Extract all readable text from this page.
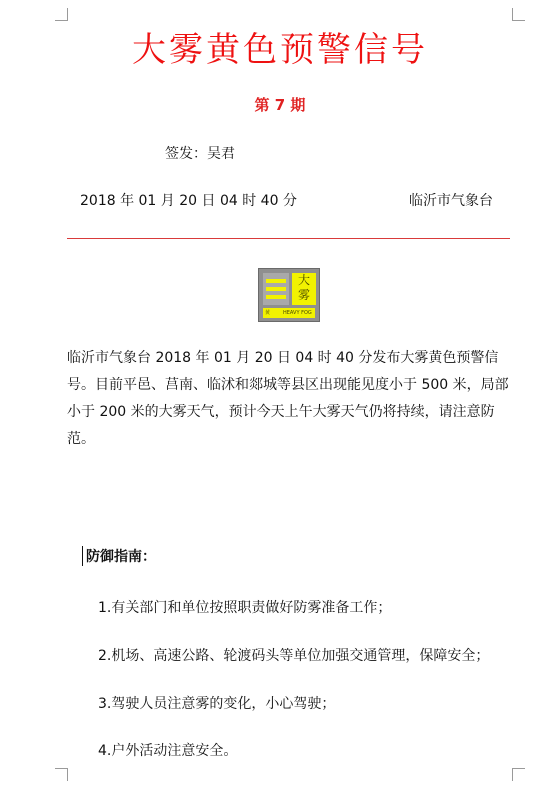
大雾黄色预警信号
第 7 期
签发：吴君
2018 年 01 月 20 日 04 时 40 分	临沂市气象台
大
雾
黄	HEAVY FOG

临沂市气象台 2018 年 01 月 20 日 04 时 40 分发布大雾黄色预警信号。目前平邑、莒南、临沭和郯城等县区出现能见度小于 500 米，局部小于 200 米的大雾天气，预计今天上午大雾天气仍将持续，请注意防范。

防御指南：
1.有关部门和单位按照职责做好防雾准备工作；
2.机场、高速公路、轮渡码头等单位加强交通管理，保障安全；
3.驾驶人员注意雾的变化，小心驾驶；
4.户外活动注意安全。
